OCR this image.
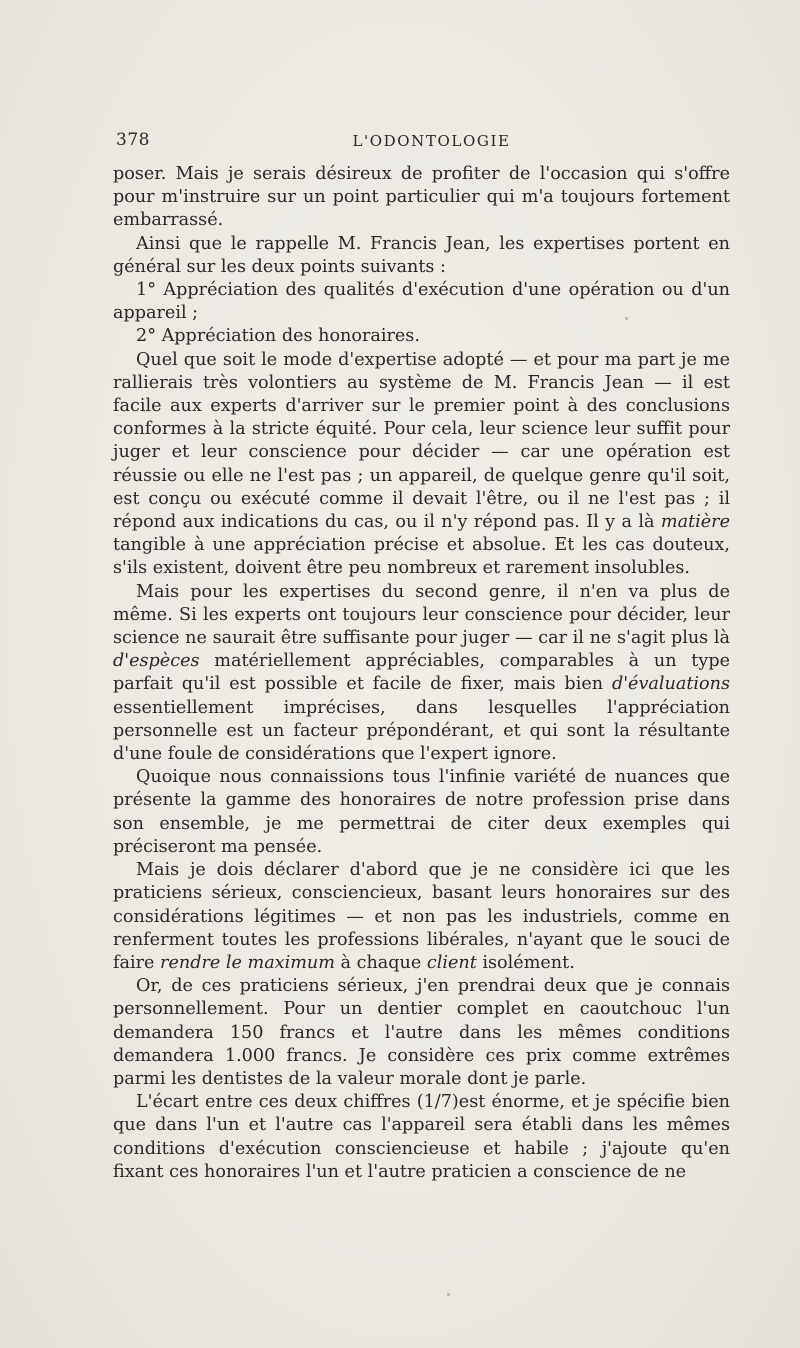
378	L'ODONTOLOGIE

poser. Mais je serais désireux de profiter de l'occasion qui s'offre pour m'instruire sur un point particulier qui m'a toujours fortement embarrassé.

Ainsi que le rappelle M. Francis Jean, les expertises portent en général sur les deux points suivants :

1° Appréciation des qualités d'exécution d'une opération ou d'un appareil ;

2° Appréciation des honoraires.

Quel que soit le mode d'expertise adopté — et pour ma part je me rallierais très volontiers au système de M. Francis Jean — il est facile aux experts d'arriver sur le premier point à des conclusions conformes à la stricte équité. Pour cela, leur science leur suffit pour juger et leur conscience pour décider — car une opération est réussie ou elle ne l'est pas ; un appareil, de quelque genre qu'il soit, est conçu ou exécuté comme il devait l'être, ou il ne l'est pas ; il répond aux indications du cas, ou il n'y répond pas. Il y a là matière tangible à une appréciation précise et absolue. Et les cas douteux, s'ils existent, doivent être peu nombreux et rarement insolubles.

Mais pour les expertises du second genre, il n'en va plus de même. Si les experts ont toujours leur conscience pour décider, leur science ne saurait être suffisante pour juger — car il ne s'agit plus là d'espèces matériellement appréciables, comparables à un type parfait qu'il est possible et facile de fixer, mais bien d'évaluations essentiellement imprécises, dans lesquelles l'appréciation personnelle est un facteur prépondérant, et qui sont la résultante d'une foule de considérations que l'expert ignore.

Quoique nous connaissions tous l'infinie variété de nuances que présente la gamme des honoraires de notre profession prise dans son ensemble, je me permettrai de citer deux exemples qui préciseront ma pensée.

Mais je dois déclarer d'abord que je ne considère ici que les praticiens sérieux, consciencieux, basant leurs honoraires sur des considérations légitimes — et non pas les industriels, comme en renferment toutes les professions libérales, n'ayant que le souci de faire rendre le maximum à chaque client isolément.

Or, de ces praticiens sérieux, j'en prendrai deux que je connais personnellement. Pour un dentier complet en caoutchouc l'un demandera 150 francs et l'autre dans les mêmes conditions demandera 1.000 francs. Je considère ces prix comme extrêmes parmi les dentistes de la valeur morale dont je parle.

L'écart entre ces deux chiffres (1/7)est énorme, et je spécifie bien que dans l'un et l'autre cas l'appareil sera établi dans les mêmes conditions d'exécution consciencieuse et habile ; j'ajoute qu'en fixant ces honoraires l'un et l'autre praticien a conscience de ne
